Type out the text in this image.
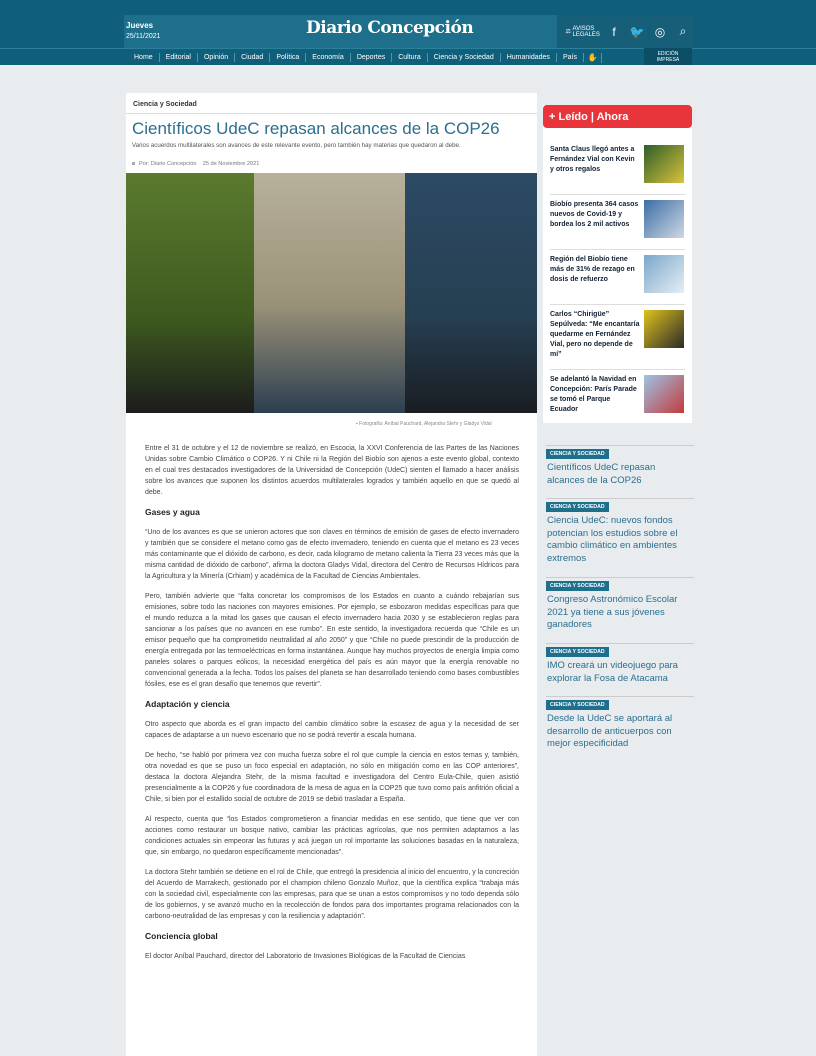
Jueves
25/11/2021	Diario Concepción	⚖
AVISOS LEGALES	f	🐦 ◎	⌕
Home	Editorial	Opinión	Ciudad	Política	Economía	Deportes	Cultura	Ciencia y Sociedad	Humanidades	País	✋	EDICIÓN IMPRESA
Ciencia y Sociedad
Científicos UdeC repasan alcances de la COP26
Varios acuerdos multilaterales son avances de este relevante evento, pero también hay materias que quedaron al debe.
Por: Diario Concepción 25 de Noviembre 2021
▪ Fotografía: Aníbal Pauchard, Alejandra Stehr y Gladys Vidal

Entre el 31 de octubre y el 12 de noviembre se realizó, en Escocia, la XXVI Conferencia de las Partes de las Naciones Unidas sobre Cambio Climático o COP26. Y ni Chile ni la Región del Biobío son ajenos a este evento global, contexto en el cual tres destacados investigadores de la Universidad de Concepción (UdeC) sienten el llamado a hacer análisis sobre los avances que suponen los distintos acuerdos multilaterales logrados y también aquello en que se quedó al debe.

Gases y agua

“Uno de los avances es que se unieron actores que son claves en términos de emisión de gases de efecto invernadero y también que se considere el metano como gas de efecto invernadero, teniendo en cuenta que el metano es 23 veces más contaminante que el dióxido de carbono, es decir, cada kilogramo de metano calienta la Tierra 23 veces más que la misma cantidad de dióxido de carbono”, afirma la doctora Gladys Vidal, directora del Centro de Recursos Hídricos para la Agricultura y la Minería (Crhiam) y académica de la Facultad de Ciencias Ambientales.

Pero, también advierte que “falta concretar los compromisos de los Estados en cuanto a cuándo rebajarían sus emisiones, sobre todo las naciones con mayores emisiones. Por ejemplo, se esbozaron medidas específicas para que el mundo reduzca a la mitad los gases que causan el efecto invernadero hacia 2030 y se establecieron reglas para sancionar a los países que no avancen en ese rumbo”. En este sentido, la investigadora recuerda que “Chile es un emisor pequeño que ha comprometido neutralidad al año 2050” y que “Chile no puede prescindir de la producción de energía entregada por las termoeléctricas en forma instantánea. Aunque hay muchos proyectos de energía limpia como paneles solares o parques eólicos, la necesidad energética del país es aún mayor que la energía renovable no convencional generada a la fecha. Todos los países del planeta se han desarrollado teniendo como bases combustibles fósiles, ese es el gran desafío que tenemos que revertir”.

Adaptación y ciencia

Otro aspecto que aborda es el gran impacto del cambio climático sobre la escasez de agua y la necesidad de ser capaces de adaptarse a un nuevo escenario que no se podrá revertir a escala humana.

De hecho, “se habló por primera vez con mucha fuerza sobre el rol que cumple la ciencia en estos temas y, también, otra novedad es que se puso un foco especial en adaptación, no sólo en mitigación como en las COP anteriores”, destaca la doctora Alejandra Stehr, de la misma facultad e investigadora del Centro Eula-Chile, quien asistió presencialmente a la COP26 y fue coordinadora de la mesa de agua en la COP25 que tuvo como país anfitrión oficial a Chile, si bien por el estallido social de octubre de 2019 se debió trasladar a España.

Al respecto, cuenta que “los Estados comprometieron a financiar medidas en ese sentido, que tiene que ver con acciones como restaurar un bosque nativo, cambiar las prácticas agrícolas, que nos permiten adaptarnos a las condiciones actuales sin empeorar las futuras y acá juegan un rol importante las soluciones basadas en la naturaleza, que, sin embargo, no quedaron específicamente mencionadas”.

La doctora Stehr también se detiene en el rol de Chile, que entregó la presidencia al inicio del encuentro, y la concreción del Acuerdo de Marrakech, gestionado por el champion chileno Gonzalo Muñoz, que la científica explica “trabaja más con la sociedad civil, especialmente con las empresas, para que se unan a estos compromisos y no todo dependa sólo de los gobiernos, y se avanzó mucho en la recolección de fondos para dos importantes programa relacionados con la carbono-neutralidad de las empresas y con la resiliencia y adaptación”.

Conciencia global

El doctor Aníbal Pauchard, director del Laboratorio de Invasiones Biológicas de la Facultad de Ciencias

+ Leído | Ahora
Santa Claus llegó antes a Fernández Vial con Kevin y otros regalos
Biobío presenta 364 casos nuevos de Covid-19 y bordea los 2 mil activos
Región del Biobío tiene más de 31% de rezago en dosis de refuerzo
Carlos “Chirigüe” Sepúlveda: “Me encantaría quedarme en Fernández Vial, pero no depende de mí”
Se adelantó la Navidad en Concepción: París Parade se tomó el Parque Ecuador
CIENCIA Y SOCIEDAD
Científicos UdeC repasan alcances de la COP26
CIENCIA Y SOCIEDAD
Ciencia UdeC: nuevos fondos potencian los estudios sobre el cambio climático en ambientes extremos
CIENCIA Y SOCIEDAD
Congreso Astronómico Escolar 2021 ya tiene a sus jóvenes ganadores
CIENCIA Y SOCIEDAD
IMO creará un videojuego para explorar la Fosa de Atacama
CIENCIA Y SOCIEDAD
Desde la UdeC se aportará al desarrollo de anticuerpos con mejor especificidad
